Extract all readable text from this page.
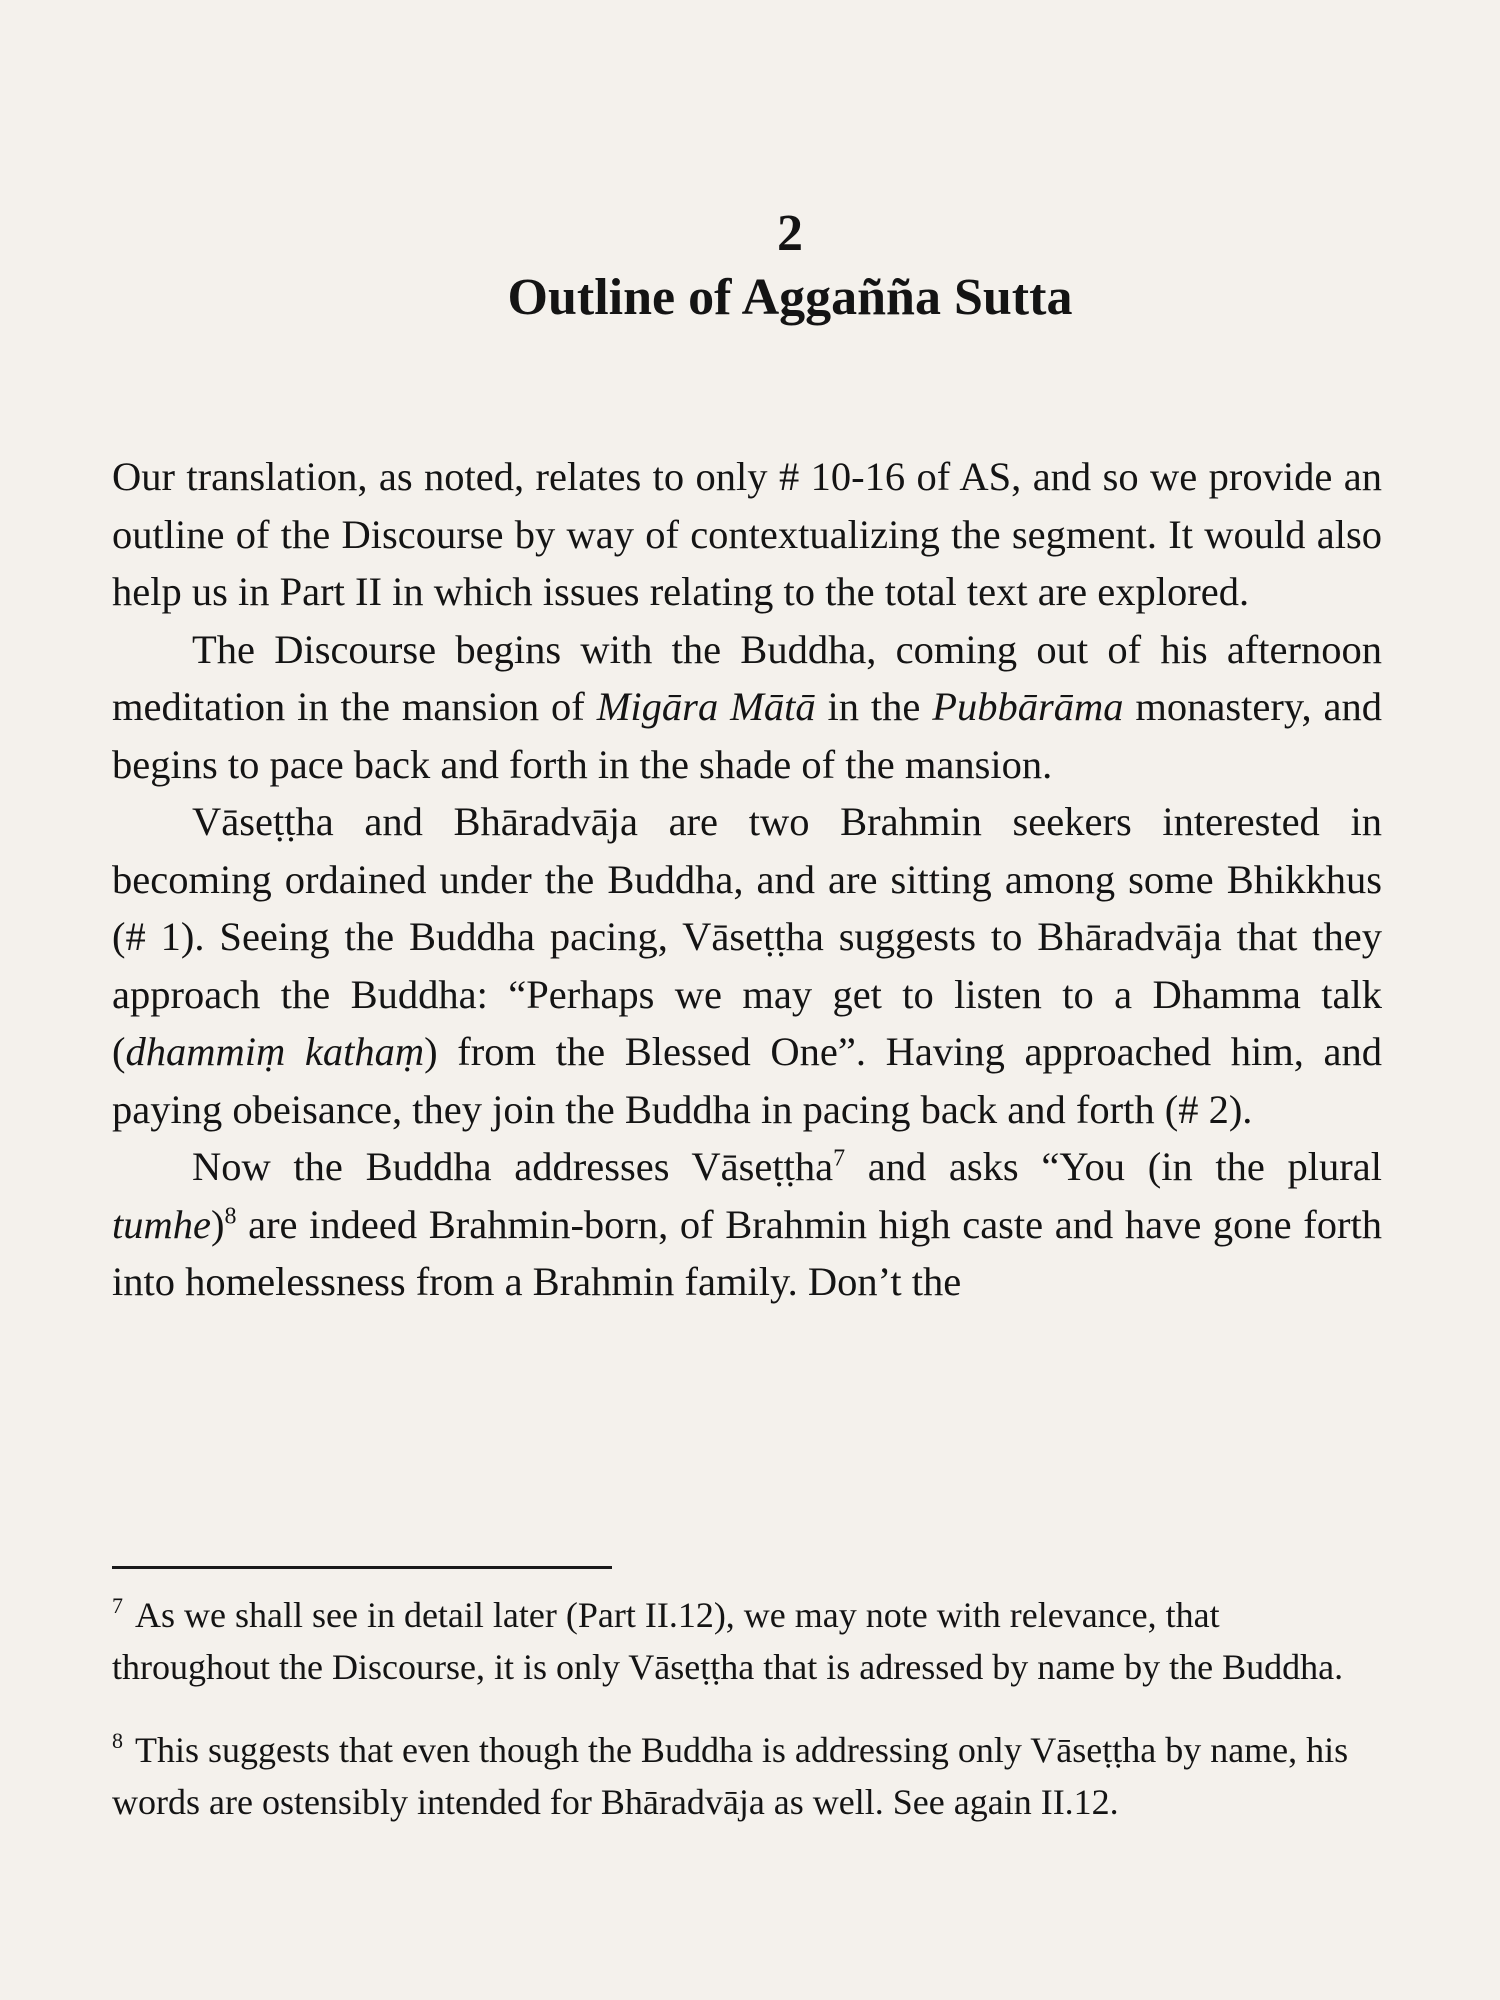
2
Outline of Aggañña Sutta

Our translation, as noted, relates to only # 10-16 of AS, and so we provide an outline of the Discourse by way of contextualizing the segment. It would also help us in Part II in which issues relating to the total text are explored.

The Discourse begins with the Buddha, coming out of his afternoon meditation in the mansion of Migāra Mātā in the Pubbārāma monastery, and begins to pace back and forth in the shade of the mansion.

Vāseṭṭha and Bhāradvāja are two Brahmin seekers interested in becoming ordained under the Buddha, and are sitting among some Bhikkhus (# 1). Seeing the Buddha pacing, Vāseṭṭha suggests to Bhāradvāja that they approach the Buddha: “Perhaps we may get to listen to a Dhamma talk (dhammiṃ kathaṃ) from the Blessed One”. Having approached him, and paying obeisance, they join the Buddha in pacing back and forth (# 2).

Now the Buddha addresses Vāseṭṭha$^7$ and asks “You (in the plural tumhe)$^8$ are indeed Brahmin-born, of Brahmin high caste and have gone forth into homelessness from a Brahmin family. Don’t the

$^7$ As we shall see in detail later (Part II.12), we may note with relevance, that throughout the Discourse, it is only Vāseṭṭha that is adressed by name by the Buddha.

$^8$ This suggests that even though the Buddha is addressing only Vāseṭṭha by name, his words are ostensibly intended for Bhāradvāja as well. See again II.12.
